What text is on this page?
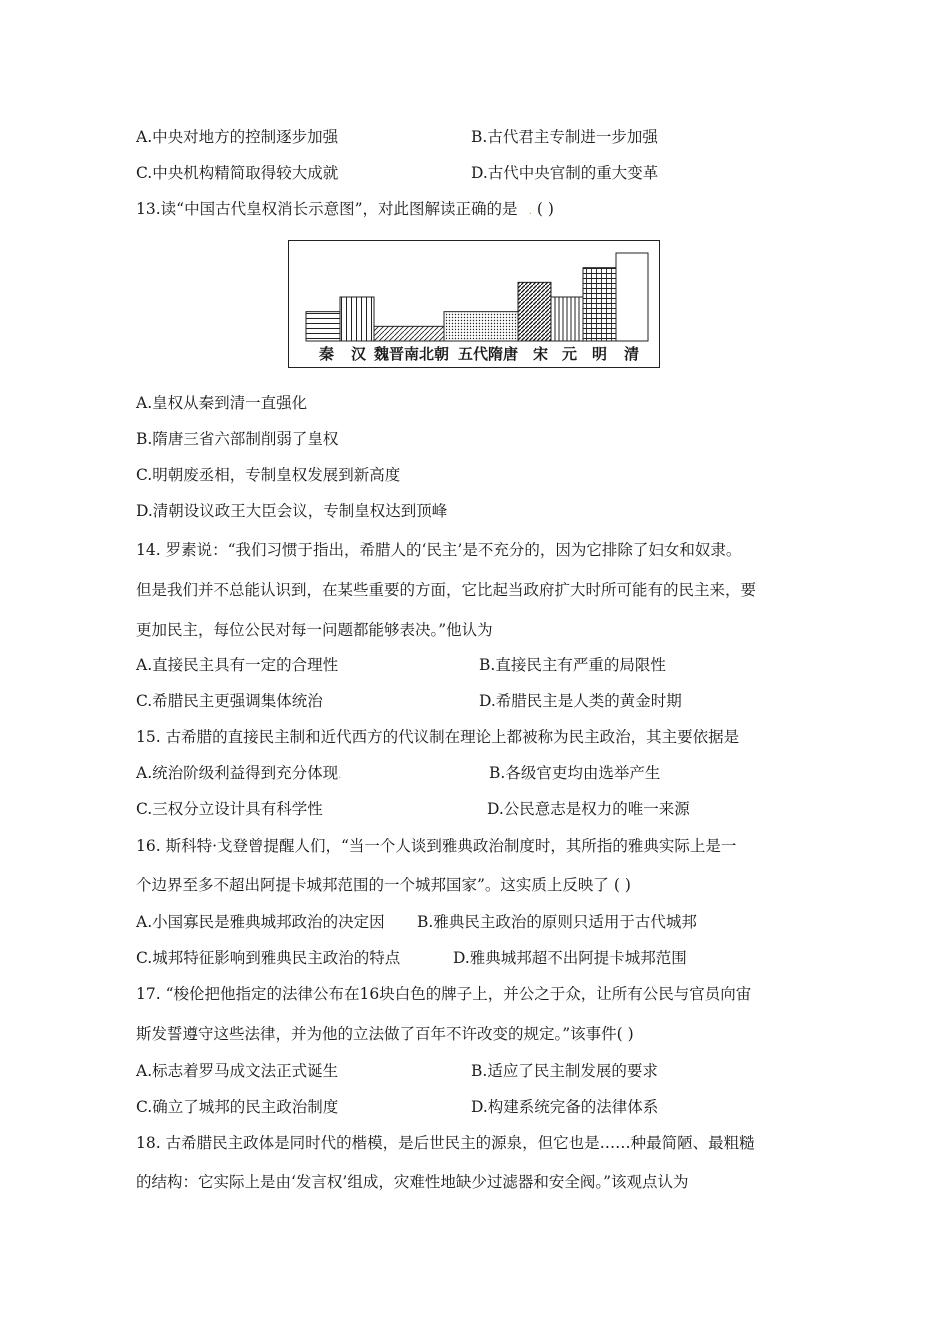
A.中央对地方的控制逐步加强	B.古代君主专制进一步加强
C.中央机构精简取得较大成就	D.古代中央官制的重大变革
13.读“中国古代皇权消长示意图”，对此图解读正确的是   . ( )
秦 汉 魏晋南北朝 五代隋唐 宋 元 明 清
A.皇权从秦到清一直强化
B.隋唐三省六部制削弱了皇权
C.明朝废丞相，专制皇权发展到新高度
D.清朝设议政王大臣会议，专制皇权达到顶峰
14. 罗素说：“我们习惯于指出，希腊人的‘民主’是不充分的，因为它排除了妇女和奴隶。
但是我们并不总能认识到，在某些重要的方面，它比起当政府扩大时所可能有的民主来，要
更加民主，每位公民对每一问题都能够表决。”他认为
A.直接民主具有一定的合理性	B.直接民主有严重的局限性
C.希腊民主更强调集体统治	D.希腊民主是人类的黄金时期
15. 古希腊的直接民主制和近代西方的代议制在理论上都被称为民主政治，其主要依据是
A.统治阶级利益得到充分体现.	B.各级官吏均由选举产生
C.三权分立设计具有科学性	D.公民意志是权力的唯一来源
16. 斯科特·戈登曾提醒人们，“当一个人谈到雅典政治制度时，其所指的雅典实际上是一
个边界至多不超出阿提卡城邦范围的一个城邦国家”。这实质上反映了 ( )
A.小国寡民是雅典城邦政治的决定因 B.雅典民主政治的原则只适用于古代城邦
C.城邦特征影响到雅典民主政治的特点	D.雅典城邦超不出阿提卡城邦范围
17. “梭伦把他指定的法律公布在16块白色的牌子上，并公之于众，让所有公民与官员向宙
斯发誓遵守这些法律，并为他的立法做了百年不许改变的规定。”该事件( )
A.标志着罗马成文法正式诞生	B.适应了民主制发展的要求
C.确立了城邦的民主政治制度	D.构建系统完备的法律体系
18. 古希腊民主政体是同时代的楷模，是后世民主的源泉，但它也是……种最简陋、最粗糙
的结构：它实际上是由‘发言权’组成，灾难性地缺少过滤器和安全阀。”该观点认为
